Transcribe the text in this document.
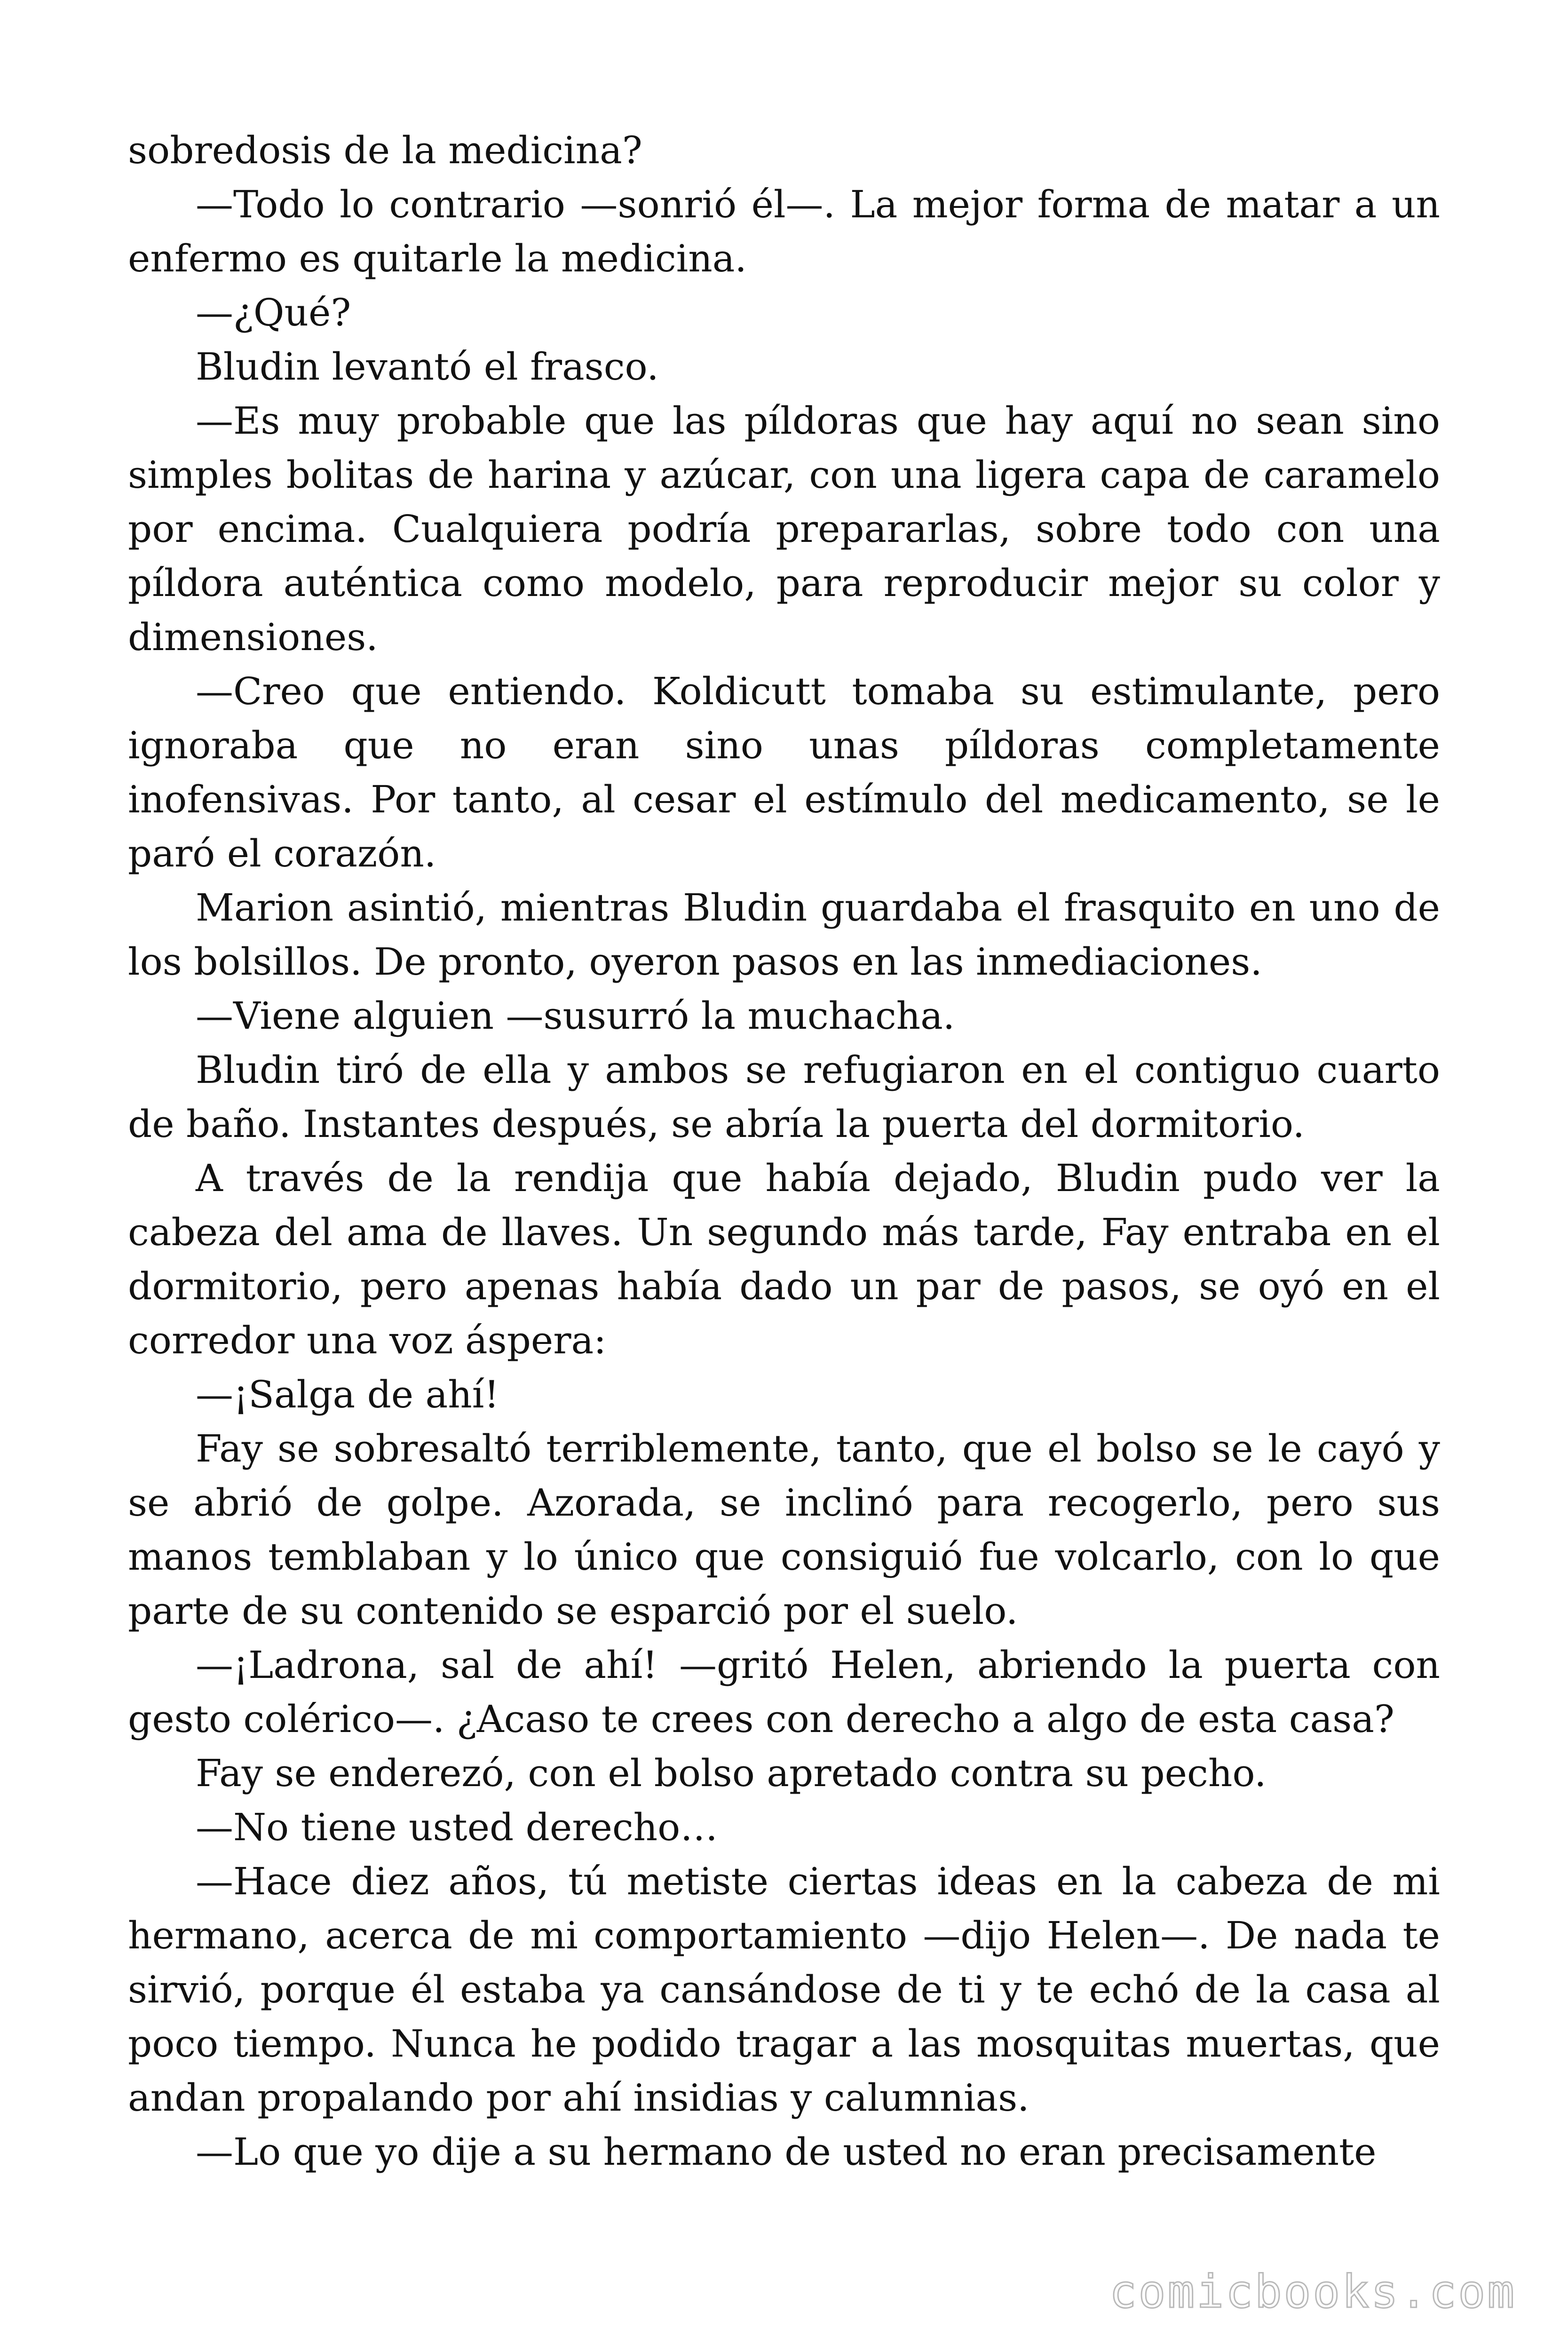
sobredosis de la medicina?

—Todo lo contrario —sonrió él—. La mejor forma de matar a un enfermo es quitarle la medicina.

—¿Qué?

Bludin levantó el frasco.

—Es muy probable que las píldoras que hay aquí no sean sino simples bolitas de harina y azúcar, con una ligera capa de caramelo por encima. Cualquiera podría prepararlas, sobre todo con una píldora auténtica como modelo, para reproducir mejor su color y dimensiones.

—Creo que entiendo. Koldicutt tomaba su estimulante, pero ignoraba que no eran sino unas píldoras completamente inofensivas. Por tanto, al cesar el estímulo del medicamento, se le paró el corazón.

Marion asintió, mientras Bludin guardaba el frasquito en uno de los bolsillos. De pronto, oyeron pasos en las inmediaciones.

—Viene alguien —susurró la muchacha.

Bludin tiró de ella y ambos se refugiaron en el contiguo cuarto de baño. Instantes después, se abría la puerta del dormitorio.

A través de la rendija que había dejado, Bludin pudo ver la cabeza del ama de llaves. Un segundo más tarde, Fay entraba en el dormitorio, pero apenas había dado un par de pasos, se oyó en el corredor una voz áspera:

—¡Salga de ahí!

Fay se sobresaltó terriblemente, tanto, que el bolso se le cayó y se abrió de golpe. Azorada, se inclinó para recogerlo, pero sus manos temblaban y lo único que consiguió fue volcarlo, con lo que parte de su contenido se esparció por el suelo.

—¡Ladrona, sal de ahí! —gritó Helen, abriendo la puerta con gesto colérico—. ¿Acaso te crees con derecho a algo de esta casa?

Fay se enderezó, con el bolso apretado contra su pecho.

—No tiene usted derecho…

—Hace diez años, tú metiste ciertas ideas en la cabeza de mi hermano, acerca de mi comportamiento —dijo Helen—. De nada te sirvió, porque él estaba ya cansándose de ti y te echó de la casa al poco tiempo. Nunca he podido tragar a las mosquitas muertas, que andan propalando por ahí insidias y calumnias.

—Lo que yo dije a su hermano de usted no eran precisamente

comicbooks.com
